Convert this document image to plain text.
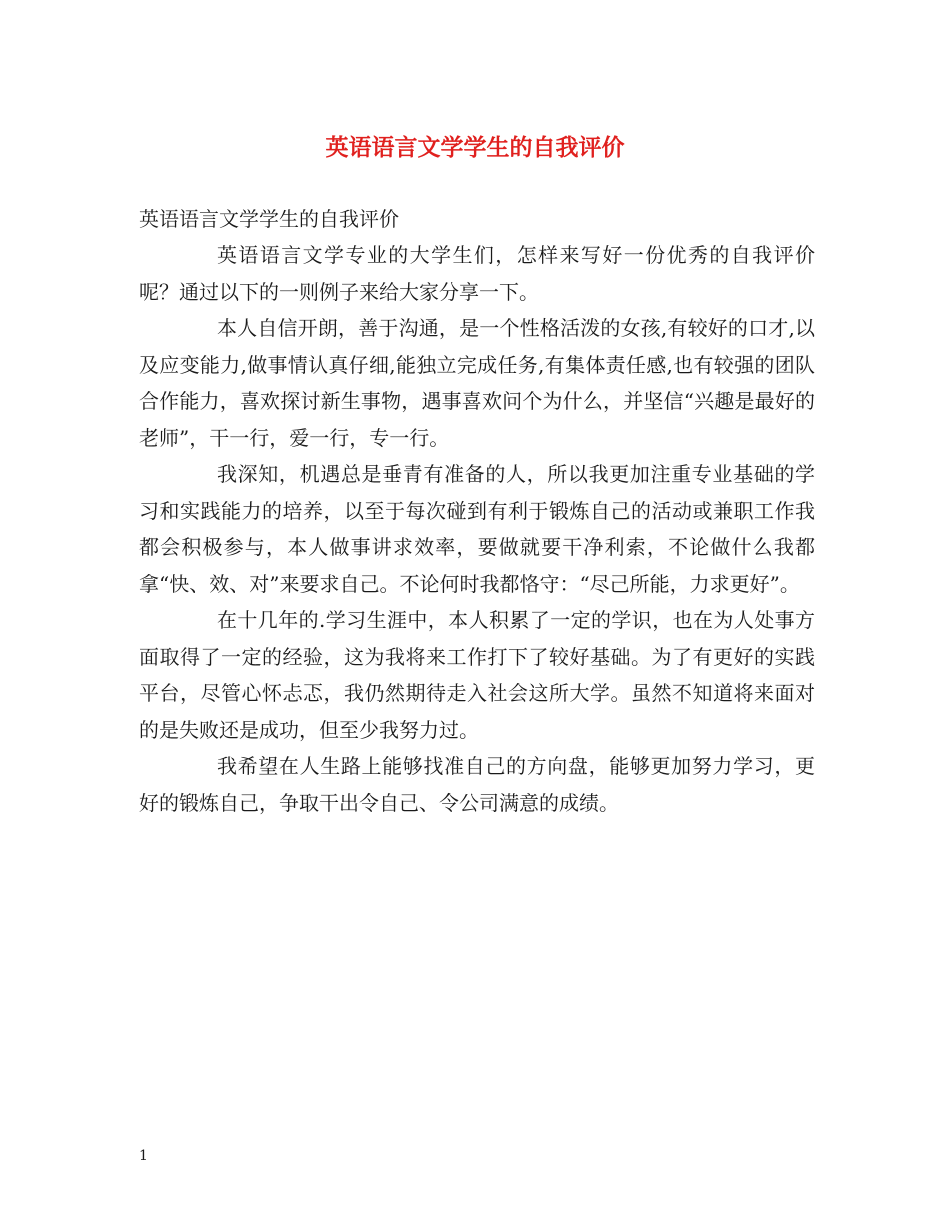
英语语言文学学生的自我评价

英语语言文学学生的自我评价

英语语言文学专业的大学生们，怎样来写好一份优秀的自我评价呢？通过以下的一则例子来给大家分享一下。

本人自信开朗，善于沟通，是一个性格活泼的女孩,有较好的口才,以及应变能力,做事情认真仔细,能独立完成任务,有集体责任感,也有较强的团队合作能力，喜欢探讨新生事物，遇事喜欢问个为什么，并坚信“兴趣是最好的老师”，干一行，爱一行，专一行。

我深知，机遇总是垂青有准备的人，所以我更加注重专业基础的学习和实践能力的培养，以至于每次碰到有利于锻炼自己的活动或兼职工作我都会积极参与，本人做事讲求效率，要做就要干净利索，不论做什么我都拿“快、效、对”来要求自己。不论何时我都恪守：“尽己所能，力求更好”。

在十几年的.学习生涯中，本人积累了一定的学识，也在为人处事方面取得了一定的经验，这为我将来工作打下了较好基础。为了有更好的实践平台，尽管心怀忐忑，我仍然期待走入社会这所大学。虽然不知道将来面对的是失败还是成功，但至少我努力过。

我希望在人生路上能够找准自己的方向盘，能够更加努力学习，更好的锻炼自己，争取干出令自己、令公司满意的成绩。

1
